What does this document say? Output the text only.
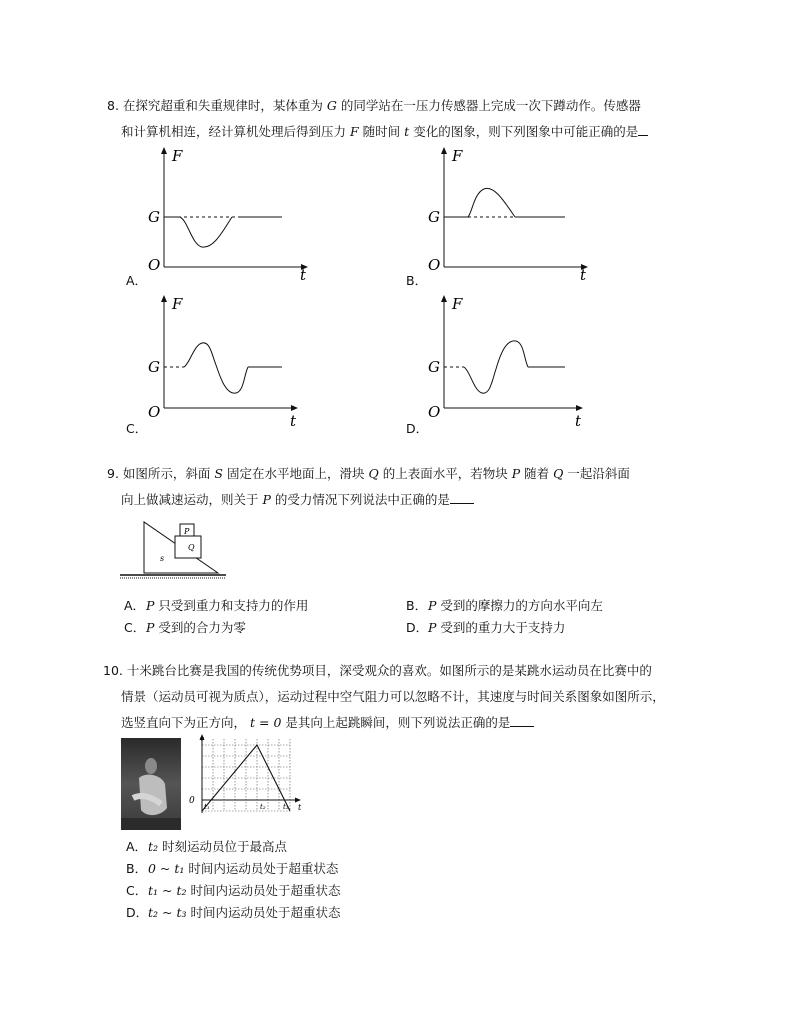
8. 在探究超重和失重规律时，某体重为 G 的同学站在一压力传感器上完成一次下蹲动作。传感器
和计算机相连，经计算机处理后得到压力 F 随时间 t 变化的图象，则下列图象中可能正确的是
F
G
O
t
A．
F
G
O
t
B．
F
G
O	t
C．
F
G
O	t
D．
9. 如图所示，斜面 S 固定在水平地面上，滑块 Q 的上表面水平，若物块 P 随着 Q 一起沿斜面
向上做减速运动，则关于 P 的受力情况下列说法中正确的是
P
Q
s
A．P 只受到重力和支持力的作用	B．P 受到的摩擦力的方向水平向左
C．P 受到的合力为零	D．P 受到的重力大于支持力
10. 十米跳台比赛是我国的传统优势项目，深受观众的喜欢。如图所示的是某跳水运动员在比赛中的
情景（运动员可视为质点），运动过程中空气阻力可以忽略不计，其速度与时间关系图象如图所示，
选竖直向下为正方向， t = 0 是其向上起跳瞬间，则下列说法正确的是
v
0
t
t₁	t₂ t₃
A．t₂ 时刻运动员位于最高点
B．0 ~ t₁ 时间内运动员处于超重状态
C．t₁ ~ t₂ 时间内运动员处于超重状态
D．t₂ ~ t₃ 时间内运动员处于超重状态
